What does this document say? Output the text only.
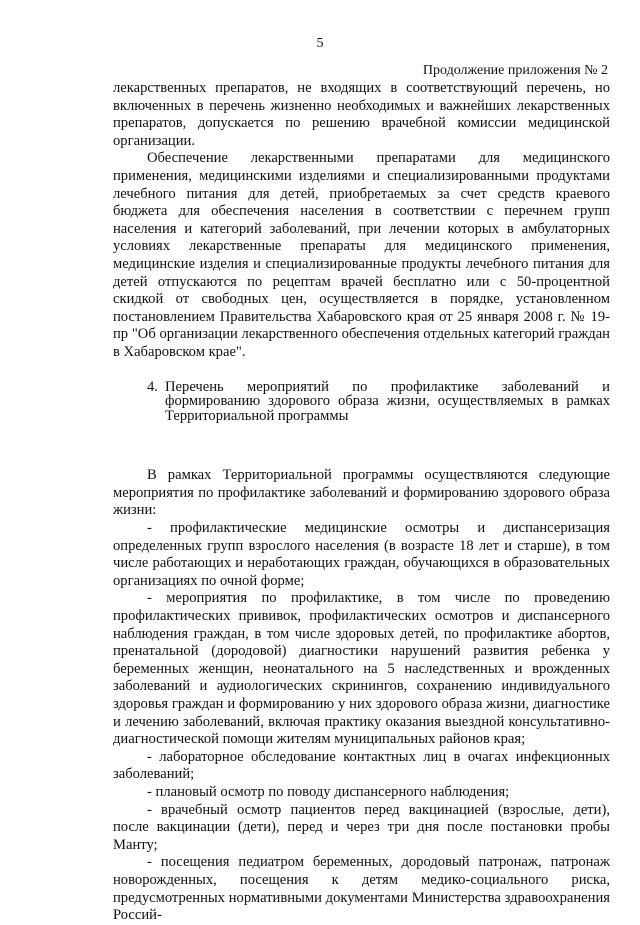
5
Продолжение приложения № 2

лекарственных препаратов, не входящих в соответствующий перечень, но включенных в перечень жизненно необходимых и важнейших лекарственных препаратов, допускается по решению врачебной комиссии медицинской организации.

Обеспечение лекарственными препаратами для медицинского применения, медицинскими изделиями и специализированными продуктами лечебного питания для детей, приобретаемых за счет средств краевого бюджета для обеспечения населения в соответствии с перечнем групп населения и категорий заболеваний, при лечении которых в амбулаторных условиях лекарственные препараты для медицинского применения, медицинские изделия и специализированные продукты лечебного питания для детей отпускаются по рецептам врачей бесплатно или с 50-процентной скидкой от свободных цен, осуществляется в порядке, установленном постановлением Правительства Хабаровского края от 25 января 2008 г. № 19-пр "Об организации лекарственного обеспечения отдельных категорий граждан в Хабаровском крае".

4. Перечень мероприятий по профилактике заболеваний и формированию здорового образа жизни, осуществляемых в рамках Территориальной программы

В рамках Территориальной программы осуществляются следующие мероприятия по профилактике заболеваний и формированию здорового образа жизни:

- профилактические медицинские осмотры и диспансеризация определенных групп взрослого населения (в возрасте 18 лет и старше), в том числе работающих и неработающих граждан, обучающихся в образовательных организациях по очной форме;

- мероприятия по профилактике, в том числе по проведению профилактических прививок, профилактических осмотров и диспансерного наблюдения граждан, в том числе здоровых детей, по профилактике абортов, пренатальной (дородовой) диагностики нарушений развития ребенка у беременных женщин, неонатального на 5 наследственных и врожденных заболеваний и аудиологических скринингов, сохранению индивидуального здоровья граждан и формированию у них здорового образа жизни, диагностике и лечению заболеваний, включая практику оказания выездной консультативно-диагностической помощи жителям муниципальных районов края;

- лабораторное обследование контактных лиц в очагах инфекционных заболеваний;

- плановый осмотр по поводу диспансерного наблюдения;

- врачебный осмотр пациентов перед вакцинацией (взрослые, дети), после вакцинации (дети), перед и через три дня после постановки пробы Манту;

- посещения педиатром беременных, дородовый патронаж, патронаж новорожденных, посещения к детям медико-социального риска, предусмотренных нормативными документами Министерства здравоохранения Россий-
